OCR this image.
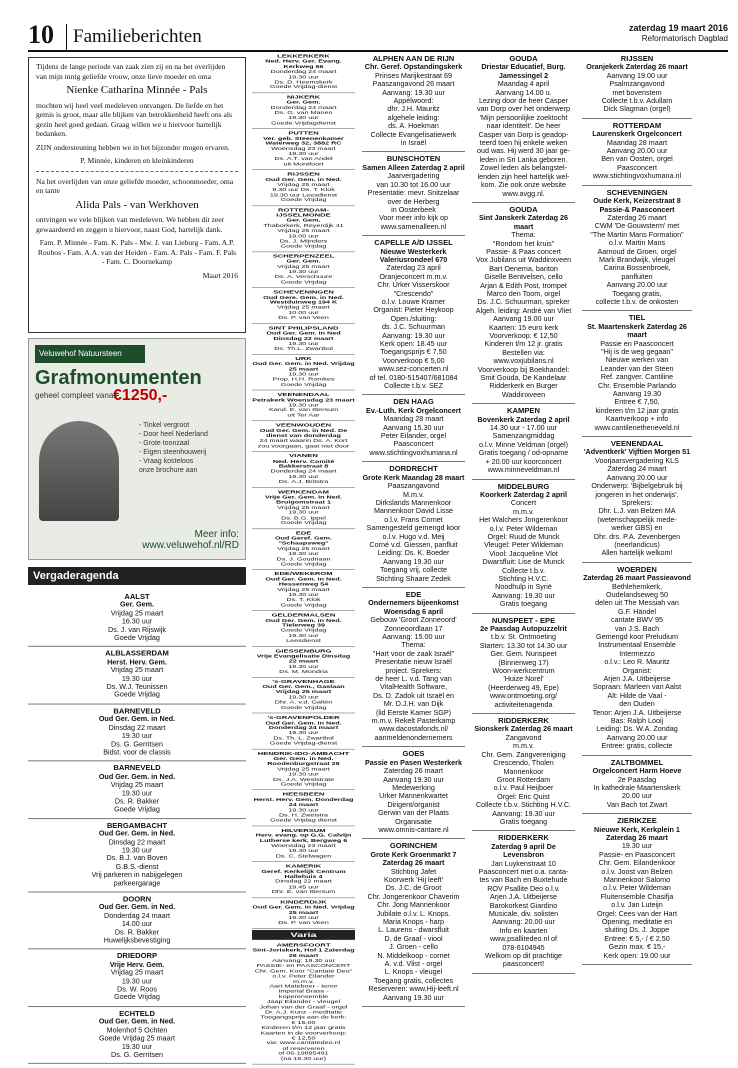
10	Familieberichten	zaterdag 19 maart 2016
Reformatorisch Dagblad

Tijdens de lange periode van zaak zien zij en na het overlijden van mijn innig geliefde vrouw, onze lieve moeder en oma

Nienke Catharina Minnée - Pals

mochten wij heel veel medeleven ontvangen. De liefde en het gemis is groot, maar alle blijken van betrokkenheid heeft ons als gezin heel goed gedaan. Graag willen we u hiervoor hartelijk bedanken.

ZIJN ondersteuning hebben we in het bijzonder mogen ervaren.

P. Minnée, kinderen en kleinkinderen

Na het overlijden van onze geliefde moeder, schoonmoeder, oma en tante

Alida Pals - van Werkhoven

ontvingen we vele blijken van medeleven. We hebben dit zeer gewaardeerd en zeggen u hiervoor, naast God, hartelijk dank.

Fam. P. Minnée - Fam. K. Pals - Mw. J. van Lieburg - Fam. A.P. Roubos - Fam. A.A. van der Heiden - Fam. A. Pals - Fam. F. Pals - Fam. C. Doornekamp

Maart 2016

Veluwehof Natuursteen
Grafmonumenten
geheel compleet vanaf
€1250,-
- Tinkel vergroot
- Door heel Nederland
- Grote toonzaal
- Eigen steenhouwerij
- Vraag kosteloos
onze brochure aan
Meer info:
www.veluwehof.nl/RD
Vergaderagenda
AALST
Ger. Gem.
Vrijdag 25 maart
16.30 uur
Ds. J. van Rijswijk
Goede Vrijdag
ALBLASSERDAM
Herst. Herv. Gem.
Vrijdag 25 maart
19.30 uur
Ds. W.J. Teunissen
Goede Vrijdag
BARNEVELD
Oud Ger. Gem. in Ned.
Dinsdag 22 maart
19.30 uur
Ds. G. Gerritsen
Bidst. voor de classis
BARNEVELD
Oud Ger. Gem. in Ned.
Vrijdag 25 maart
19.30 uur
Ds. R. Bakker
Goede Vrijdag
BERGAMBACHT
Oud Ger. Gem. in Ned.
Dinsdag 22 maart
19.30 uur
Ds. B.J. van Boven
G.B.S.-dienst
Vrij parkeren in nabijgelegen
parkeergarage
DOORN
Oud Ger. Gem. in Ned.
Donderdag 24 maart
14.00 uur
Ds. R. Bakker
Huwelijksbevestiging
DRIEDORP
Vrije Herv. Gem.
Vrijdag 25 maart
19.30 uur
Ds. W. Roos
Goede Vrijdag
ECHTELD
Oud Ger. Gem. in Ned.
Molenhof 5 Ochten
Goede Vrijdag 25 maart
19.30 uur
Ds. G. Gerritsen
LEKKERKERK
Ned. Herv. Ger. Evang. Kerkweg 66
Donderdag 24 maart
19.30 uur
Ds. D. Heemskerk
Goede Vrijdag-dienst
NIJKERK
Ger. Gem.
Donderdag 24 maart
Ds. G. van Manen
19.30 uur
Goede Vrijdagdienst
PUTTEN
Ver. geb. Steenenkamer Waterweg 32, 3882 RC
Woensdag 23 maart
19.30 uur
Ds. A.T. van Andel
uit Montfoort
RIJSSEN
Oud Ger. Gem. in Ned.
Vrijdag 25 maart
9.30 uur Ds. T. Klok
19.30 uur Leesdienst
Goede Vrijdag
ROTTERDAM-IJSSELMONDE
Ger. Gem.
Thaborkerk, Reyerdijk 41
Vrijdag 25 maart
19.00 uur
Ds. J. Mijnders
Goede Vrijdag
SCHERPENZEEL
Ger. Gem.
Vrijdag 25 maart
19.30 uur
Ds. A. Verschuure
Goede Vrijdag
SCHEVENINGEN
Oud Gere. Gem. in Ned. Westduinweg 194 K
Vrijdag 25 maart
10.00 uur
Ds. P. van Veen
SINT PHILIPSLAND
Oud Ger. Gem. in Ned Dinsdag 22 maart
19.30 uur
Ds. Th.L. Zwartbol
URK
Oud Ger. Gem. in Ned. Vrijdag 25 maart
19.30 uur
Prop. H.H. Romkes
Goede Vrijdag
VEENENDAAL
Petrakerk Woensdag 23 maart
19.30 uur
Kand. E. van Ittersum
uit Ter Aar
VEENWOUDEN
Oud Ger. Gem. in Ned. De dienst van donderdag
24 maart waarin Ds. A. Kort
zou voorgaan, gaat niet door
VIANEN
Ned. Herv. Comité Bakkerstraat 8
Donderdag 24 maart
19.30 uur
Ds. A.J. Britstra
WERKENDAM
Vrije Ger. Gem. in Ned. Bruigomstraat 1
Vrijdag 25 maart
19.30 uur
Ds. B.G. Ippel
Goede Vrijdag
EDE
Oud Geref. Gem. "Schaapsweg"
Vrijdag 25 maart
19.30 uur
Ds. J. Goudriaan
Goede Vrijdag
EDE/WEKEROM
Oud Ger. Gem. in Ned. Hessenweg 54
Vrijdag 25 maart
19.30 uur
Ds. T. Klok
Goede Vrijdag
GELDERMALSEN
Oud Ger. Gem. in Ned. Tielerweg 39
Goede Vrijdag
19.30 uur
Leesdienst
GIESSENBURG
Vrije Evangelisatie Dinsdag 22 maart
19.30 uur
Ds. M. Mondria
's-GRAVENHAGE
Oud Ger. Gem., Gaslaan Vrijdag 25 maart
19.30 uur
Dhr. A. v.d. Galiën
Goede Vrijdag
's-GRAVENPOLDER
Oud Ger. Gem. in Ned. Donderdag 24 maart
19.30 uur
Ds. Th. L. Zwartbol
Goede Vrijdag-dienst
HENDRIK-IDO-AMBACHT
Ger. Gem. in Ned. Roodenburgstraat 29
Vrijdag 25 maart
19.30 uur
Ds. J.A. Weststrate
Goede Vrijdag
HEESBEEN
Herst. Herv. Gem. Donderdag 24 maart
19.30 uur
Ds. H. Zweistra
Goede Vrijdag dienst
HILVERSUM
Herv. evang. op G.G. Calvijn Lutherse kerk, Bergweg 6
Woensdag 23 maart
19.30 uur
Ds. C. Stelwagen
KAMERIK
Geref. Kerkelijk Centrum Hallehuis 4
Dinsdag 22 maart
19.45 uur
Dhr. E. van Ittersum
KINDERDIJK
Oud Ger. Gem. in Ned. Vrijdag 25 maart
19.30 uur
Ds. P. van Veen
Varia
AMERSFOORT
Sint-Joriskerk, Hof 1 Zaterdag 26 maart
Aanvang: 19.30 uur
PASSIE- en PAASCONCERT
Chr. Gem. Koor "Cantate Deo"
o.l.v. Peter Eilander
m.m.v.
Aart Mateboer - tenor
Imperial Brass -
koperensemble
Jaap Eilander - vleugel
Johan van der Graaf - orgel
Dr. A.J. Kunz - meditatie
Toegangsprijs aan de kerk:
€ 15,00
Kinderen t/m 12 jaar gratis
Kaarten in de voorverkoop:
€ 12,50
via: www.cantatedeo.nl
of reserveren
of 06-19895491
(na 18.30 uur)
ALPHEN AAN DE RIJN
Chr. Geref. Opstandingskerk
Prinses Marijkestraat 69
Paaszangavond 26 maart
Aanvang: 19.30 uur
Appèlwoord:
dhr. J.H. Mauritz
algehele leiding:
ds. A. Hoekman
Collecte Evangelisatiewerk
in Israël
BUNSCHOTEN
Samen Alleen Zaterdag 2 april
Jaarvergadering
van 10.30 tot 16.00 uur
Presentatie: mevr. Snitzelaar
over de Herberg
in Oosterbeek
Voor meer info kijk op
www.samenalleen.nl
CAPELLE A/D IJSSEL
Nieuwe Westerkerk Valeriusrondeel 670
Zaterdag 23 april
Oranjeconcert m.m.v.
Chr. Urker Visserskoor
"Crescendo"
o.l.v. Louwe Kramer
Organist: Pieter Heykoop
Open./sluiting:
ds. J.C. Schuurman
Aanvang: 19.30 uur
Kerk open: 18.45 uur
Toegangsprijs € 7,50
Voorverkoop € 5,00
www.sez-concerten.nl
of tel. 0180-515407/681084
Collecte t.b.v. SEZ
DEN HAAG
Ev.-Luth. Kerk Orgelconcert
Maandag 28 maart
Aanvang 15.30 uur
Peter Eilander, orgel
Paasconcert
www.stichtingvoxhumana.nl
DORDRECHT
Grote Kerk Maandag 28 maart
Paaszangavond
M.m.v.
Dirkslands Mannenkoor
Mannenkoor David Lisse
o.l.v. Frans Cornet
Samengesteld gemengd koor
o.l.v. Hugo v.d. Meij
Corné v.d. Giessen, panfluit
Leiding: Ds. K. Boeder
Aanvang 19.30 uur
Toegang vrij, collecte
Stichting Shaare Zedek
EDE
Ondernemers bijeenkomst Woensdag 6 april
Gebouw 'Groot Zonneoord'
Zonneoordlaan 17
Aanvang: 15.00 uur
Thema:
"Hart voor de zaak Israël"
Presentatie nieuw Israël
project. Sprekers:
de heer L. v.d. Tang van
VitalHealth Software,
Ds. D. Zadok uit Israël en
Mr. D.J.H. van Dijk
(lid Eerste Kamer SGP)
m.m.v. Rekelt Pasterkamp
www.dacostafonds.nl/
aanmeldenondernemers
GOES
Passie en Pasen Westerkerk
Zaterdag 26 maart
Aanvang 19.30 uur
Medewerking
Urker Mannenkwartet
Dirigent/organist
Gerwin van der Plaats
Organisatie
www.omnis-cantare.nl
GORINCHEM
Grote Kerk Groenmarkt 7 Zaterdag 26 maart
Stichting Jafet
Koorwerk 'Hij leeft'
Ds. J.C. de Groot
Chr. Jongerenkoor Chaverim
Chr. Jong Mannenkoor
Jubilate o.l.v. L. Knops.
Maria Knops - harp
L. Laurens - dwarsfluit
D. de Graaf - viool
J. Groen - cello
N. Middelkoop - cornet
A. v.d. Vlist - orgel
L. Knops - vleugel
Toegang gratis, collectes
Reserveren: www.Hij-leeft.nl
Aanvang 19.30 uur
GOUDA
Driestar Educatief, Burg. Jamessingel 2
Maandag 4 april
Aanvang 14.00 u.
Lezing door de heer Casper
van Dorp over het onderwerp
'Mijn persoonlijke zoektocht
naar identiteit'. De heer
Casper van Dorp is geadop-
teerd toen hij enkele weken
oud was. Hij werd 30 jaar ge-
leden in Sri Lanka geboren.
Zowel leden als belangstel-
lenden zijn heel hartelijk wel-
kom. Zie ook onze website
www.avgg.nl.
GOUDA
Sint Janskerk Zaterdag 26 maart
Thema:
"Rondom het kruis"
Passie- & Paas concert
Vox Jubilans uit Waddinxveen
Bart Oenema, bariton
Giselle Bentvelsen, cello
Arjan & Edith Post, trompet
Marco den Toom, orgel
Ds. J.C. Schuurman, spreker
Algeh. leiding: André van Vliet
Aanvang 19.00 uur
Kaarten: 15 euro kerk
Voorverkoop: € 12,50
Kinderen t/m 12 jr. gratis
Bestellen via:
www.voxjubilans.nl
Voorverkoop bij Boekhandel:
Smit Gouda, De Kandelaar
Ridderkerk en Burger
Waddinxveen
KAMPEN
Bovenkerk Zaterdag 2 april
14.30 uur - 17.00 uur
Samenzangmiddag
o.l.v. Minne Veldman (orgel)
Gratis toegang / od-opname
+ 20.00 uur koorconcert
www.minneveldman.nl
MIDDELBURG
Koorkerk Zaterdag 2 april
Concert
m.m.v.
Het Walchers Jongerenkoor
o.l.v. Peter Wildeman
Orgel: Ruud de Munck
Vleugel: Peter Wildeman
Viool: Jacqueline Vlot
Dwarsfluit: Lise de Munck
Collecte t.b.v.
Stichting H.V.C.
Noodhulp in Syrië
Aanvang: 19.30 uur
Gratis toegang
NUNSPEET - EPE
2e Paasdag Autopuzzelrit
t.b.v. St. Ontmoeting
Starten: 13.30 tot 14.30 uur
Ger. Gem. Nunspeet
(Binnenweg 17)
Woon-werkcentrum
'Huize Norel'
(Heerderweg 49, Epe)
www.ontmoeting.org/
activiteitenagenda
RIDDERKERK
Sionskerk Zaterdag 26 maart
Zangavond
m.m.v.
Chr. Gem. Zangvereniging
Crescendo, Tholen
Mannenkoor
Groot Rotterdam
o.l.v. Paul Heijboer
Orgel: Eric Quist
Collecte t.b.v. Stichting H.V.C.
Aanvang: 19.30 uur
Gratis toegang
RIDDERKERK
Zaterdag 9 april De Levensbron
Jan Luykenstraat 10
Paasconcert met o.a. canta-
tes van Bach en Buxtehude
ROV Psallite Deo o.l.v.
Arjen J.A. Uitbeijerse
Barokorkest Giardino
Musicale, div. solisten
Aanvang: 20.00 uur
Info en kaarten
www.psallitedeo.nl of
078-6104945
Welkom op dit prachtige
paasconcert!
RIJSSEN
Oranjekerk Zaterdag 26 maart
Aanvang 19.00 uur
Psalmzangavond
met bovenstem
Collecte t.b.v. Adullam
Dick Slagman (orgel)
ROTTERDAM
Laurenskerk Orgelconcert
Maandag 28 maart
Aanvang 20.00 uur
Ben van Oosten, orgel
Paasconcert
www.stichtingvoxhumana.nl
SCHEVENINGEN
Oude Kerk, Keizerstraat 8 Passie-& Paasconcert
Zaterdag 26 maart
CWM 'De Gouwsterm' met
"The Martin Mans Formation"
o.l.v. Martin Mans
Aarnoud de Groen, orgel
Mark Brandwijk, vleugel
Carina Bossenbroek,
panfluiten
Aanvang 20.00 uur
Toegang gratis,
collecte t.b.v. de onkosten
TIEL
St. Maartenskerk Zaterdag 26 maart
Passie en Paasconcert
"Hij is de weg gegaan"
Nieuwe werken van
Leander van der Steen
Ref. zangver. Cantiline
Chr. Ensemble Parlando
Aanvang 19.30
Entree € 7,50,
kinderen t/m 12 jaar gratis
Kaartverkoop + info
www.cantilenetheneveld.nl
VEENENDAAL
'Adventkerk' Vijftien Morgen 51
Voorjaarsvergadering KLS
Zaterdag 24 maart
Aanvang 20.00 uur
Onderwerp: 'Bijbelgebruik bij
jongeren in het onderwijs'.
Sprekers:
Dhr. L.J. van Belzen MA
(wetenschappelijk mede-
werker GBS) en
Dhr. drs. P.A. Zevenbergen
(neerlandicus)
Allen hartelijk welkom!
WOERDEN
Zaterdag 26 maart Passieavond
Bethlehemkerk,
Oudelandseweg 50
delen uit The Messiah van
G.F. Händel
cantate BWV 95
van J.S. Bach
Gemengd koor Preludium
Instrumentaal Ensemble
Intermezzo
o.l.v.: Leo R. Mauritz
Organist:
Arjen J.A. Uitbeijerse
Sopraan: Marleen van Aalst
Alt: Hilde de Vaal -
den Ouden
Tenor: Arjen J.A. Uitbeijerse
Bas: Ralph Looij
Leiding: Ds. W.A. Zondag
Aanvang 20.00 uur
Entree: gratis, collecte
ZALTBOMMEL
Orgelconcert Harm Hoeve
2e Paasdag
In kathedrale Maartenskerk
20.00 uur
Van Bach tot Zwart
ZIERIKZEE
Nieuwe Kerk, Kerkplein 1 Zaterdag 26 maart
19.30 uur
Passie- en Paasconcert
Chr. Gem. Eilandenkoor
o.l.v. Joost van Belzen
Mannenkoor Salomo
o.l.v. Peter Wildeman
Fluitensemble Chasifja
o.l.v. Jan Luteijn
Orgel: Cees van der Hart
Opening, meditatie en
sluiting Ds. J. Joppe
Entree: € 5,- / € 2,50
Gezin max. € 15,-
Kerk open: 19.00 uur
